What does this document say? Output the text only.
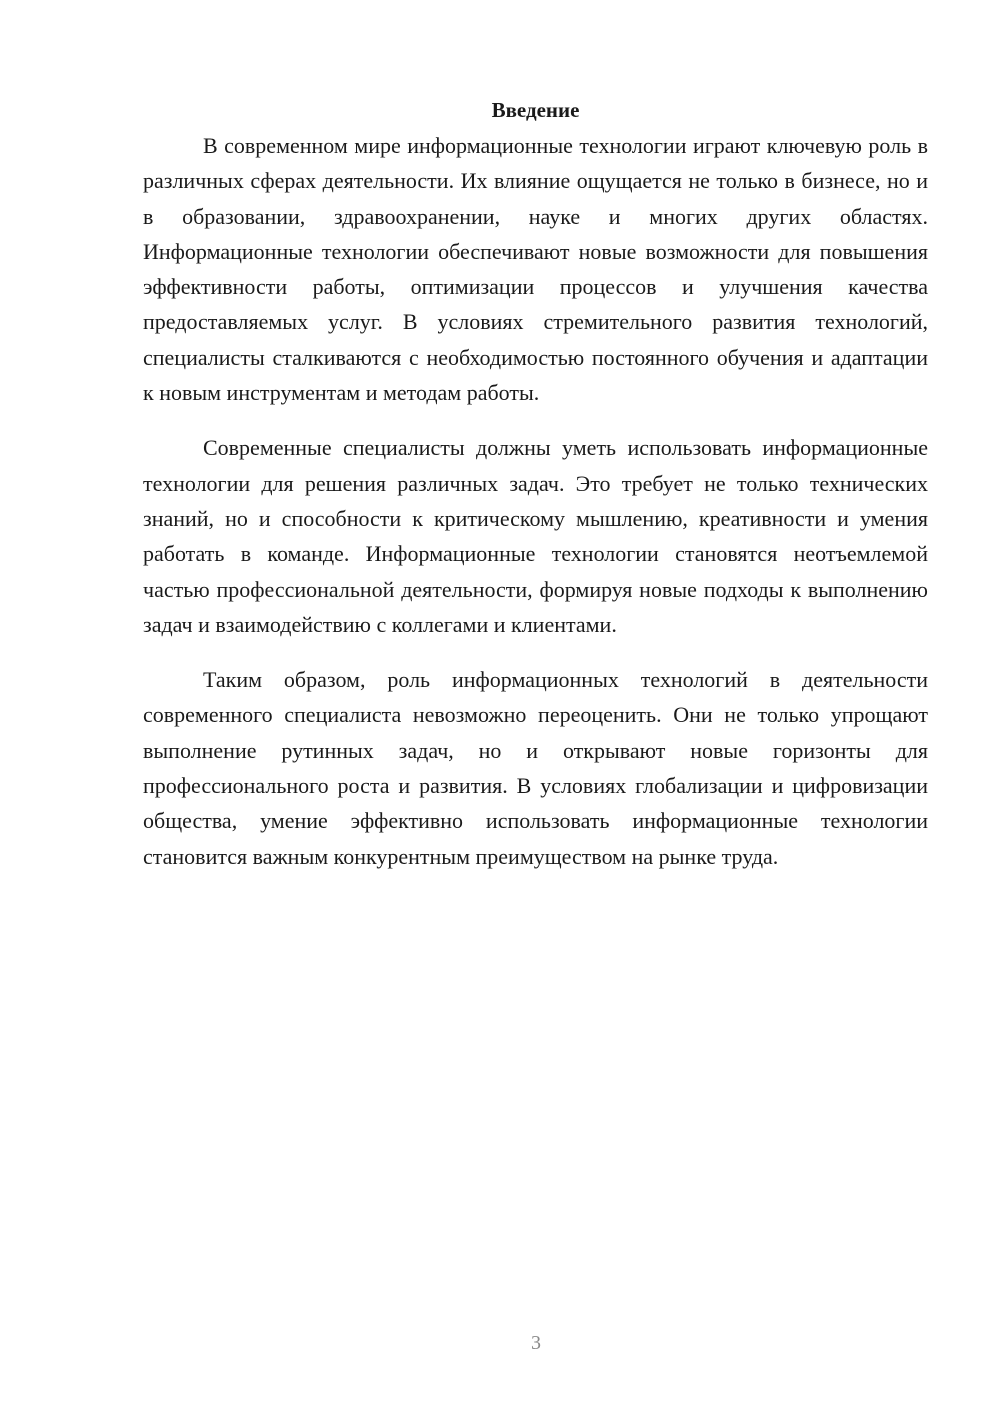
Введение

В современном мире информационные технологии играют ключевую роль в различных сферах деятельности. Их влияние ощущается не только в бизнесе, но и в образовании, здравоохранении, науке и многих других областях. Информационные технологии обеспечивают новые возможности для повышения эффективности работы, оптимизации процессов и улучшения качества предоставляемых услуг. В условиях стремительного развития технологий, специалисты сталкиваются с необходимостью постоянного обучения и адаптации к новым инструментам и методам работы.

Современные специалисты должны уметь использовать информационные технологии для решения различных задач. Это требует не только технических знаний, но и способности к критическому мышлению, креативности и умения работать в команде. Информационные технологии становятся неотъемлемой частью профессиональной деятельности, формируя новые подходы к выполнению задач и взаимодействию с коллегами и клиентами.

Таким образом, роль информационных технологий в деятельности современного специалиста невозможно переоценить. Они не только упрощают выполнение рутинных задач, но и открывают новые горизонты для профессионального роста и развития. В условиях глобализации и цифровизации общества, умение эффективно использовать информационные технологии становится важным конкурентным преимуществом на рынке труда.

3
